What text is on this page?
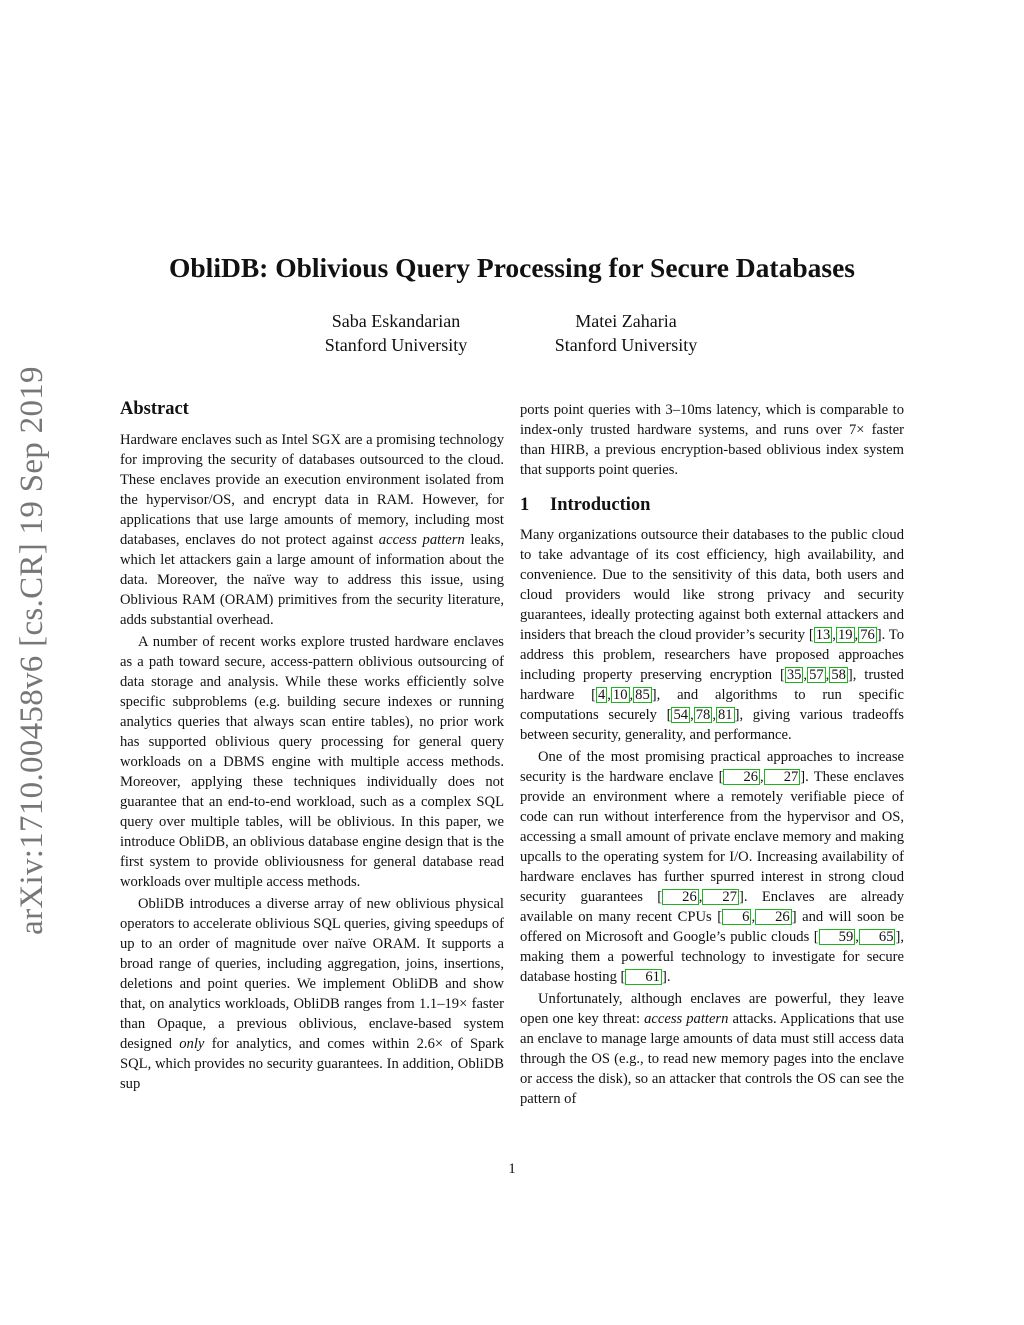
arXiv:1710.00458v6 [cs.CR] 19 Sep 2019
ObliDB: Oblivious Query Processing for Secure Databases
Saba Eskandarian
Stanford University
Matei Zaharia
Stanford University
Abstract

Hardware enclaves such as Intel SGX are a promising technology for improving the security of databases outsourced to the cloud. These enclaves provide an execution environment isolated from the hypervisor/OS, and encrypt data in RAM. However, for applications that use large amounts of memory, including most databases, enclaves do not protect against access pattern leaks, which let attackers gain a large amount of information about the data. Moreover, the naïve way to address this issue, using Oblivious RAM (ORAM) primitives from the security literature, adds substantial overhead.

A number of recent works explore trusted hardware enclaves as a path toward secure, access-pattern oblivious outsourcing of data storage and analysis. While these works efficiently solve specific subproblems (e.g. building secure indexes or running analytics queries that always scan entire tables), no prior work has supported oblivious query processing for general query workloads on a DBMS engine with multiple access methods. Moreover, applying these techniques individually does not guarantee that an end-to-end workload, such as a complex SQL query over multiple tables, will be oblivious. In this paper, we introduce ObliDB, an oblivious database engine design that is the first system to provide obliviousness for general database read workloads over multiple access methods.

ObliDB introduces a diverse array of new oblivious physical operators to accelerate oblivious SQL queries, giving speedups of up to an order of magnitude over naïve ORAM. It supports a broad range of queries, including aggregation, joins, insertions, deletions and point queries. We implement ObliDB and show that, on analytics workloads, ObliDB ranges from 1.1–19× faster than Opaque, a previous oblivious, enclave-based system designed only for analytics, and comes within 2.6× of Spark SQL, which provides no security guarantees. In addition, ObliDB sup

ports point queries with 3–10ms latency, which is comparable to index-only trusted hardware systems, and runs over 7× faster than HIRB, a previous encryption-based oblivious index system that supports point queries.

1 Introduction

Many organizations outsource their databases to the public cloud to take advantage of its cost efficiency, high availability, and convenience. Due to the sensitivity of this data, both users and cloud providers would like strong privacy and security guarantees, ideally protecting against both external attackers and insiders that breach the cloud provider’s security [ 13 , 19 , 76 ]. To address this problem, researchers have proposed approaches including property preserving encryption [ 35 , 57 , 58 ], trusted hardware [ 4 , 10 , 85 ], and algorithms to run specific computations securely [ 54 , 78 , 81 ], giving various tradeoffs between security, generality, and performance.

One of the most promising practical approaches to increase security is the hardware enclave [ 26 , 27 ]. These enclaves provide an environment where a remotely verifiable piece of code can run without interference from the hypervisor and OS, accessing a small amount of private enclave memory and making upcalls to the operating system for I/O. Increasing availability of hardware enclaves has further spurred interest in strong cloud security guarantees [ 26 , 27 ]. Enclaves are already available on many recent CPUs [ 6 , 26 ] and will soon be offered on Microsoft and Google’s public clouds [ 59 , 65 ], making them a powerful technology to investigate for secure database hosting [ 61 ].

Unfortunately, although enclaves are powerful, they leave open one key threat: access pattern attacks. Applications that use an enclave to manage large amounts of data must still access data through the OS (e.g., to read new memory pages into the enclave or access the disk), so an attacker that controls the OS can see the pattern of

1
